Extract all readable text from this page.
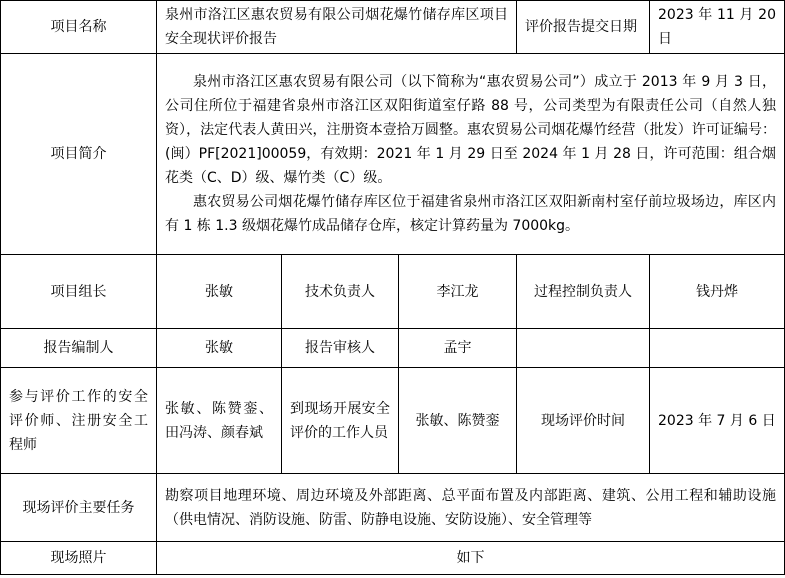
项目名称	泉州市洛江区惠农贸易有限公司烟花爆竹储存库区项目安全现状评价报告			评价报告提交日期	2023 年 11 月 20 日
项目简介	泉州市洛江区惠农贸易有限公司（以下简称为“惠农贸易公司”）成立于 2013 年 9 月 3 日，公司住所位于福建省泉州市洛江区双阳街道室仔路 88 号，公司类型为有限责任公司（自然人独资），法定代表人黄田兴，注册资本壹拾万圆整。惠农贸易公司烟花爆竹经营（批发）许可证编号：(闽）PF[2021]00059，有效期：2021 年 1 月 29 日至 2024 年 1 月 28 日，许可范围：组合烟花类（C、D）级、爆竹类（C）级。

惠农贸易公司烟花爆竹储存库区位于福建省泉州市洛江区双阳新南村室仔前垃圾场边，库区内有 1 栋 1.3 级烟花爆竹成品储存仓库，核定计算药量为 7000kg。				

项目组长	张敏	技术负责人	李江龙	过程控制负责人	钱丹烨
报告编制人	张敏	报告审核人	孟宇		
参与评价工作的安全评价师、注册安全工程师	张敏、陈赞銮、田冯涛、颜春斌	到现场开展安全评价的工作人员	张敏、陈赞銮	现场评价时间	2023 年 7 月 6 日
现场评价主要任务	勘察项目地理环境、周边环境及外部距离、总平面布置及内部距离、建筑、公用工程和辅助设施（供电情况、消防设施、防雷、防静电设施、安防设施）、安全管理等				
现场照片	如下				
